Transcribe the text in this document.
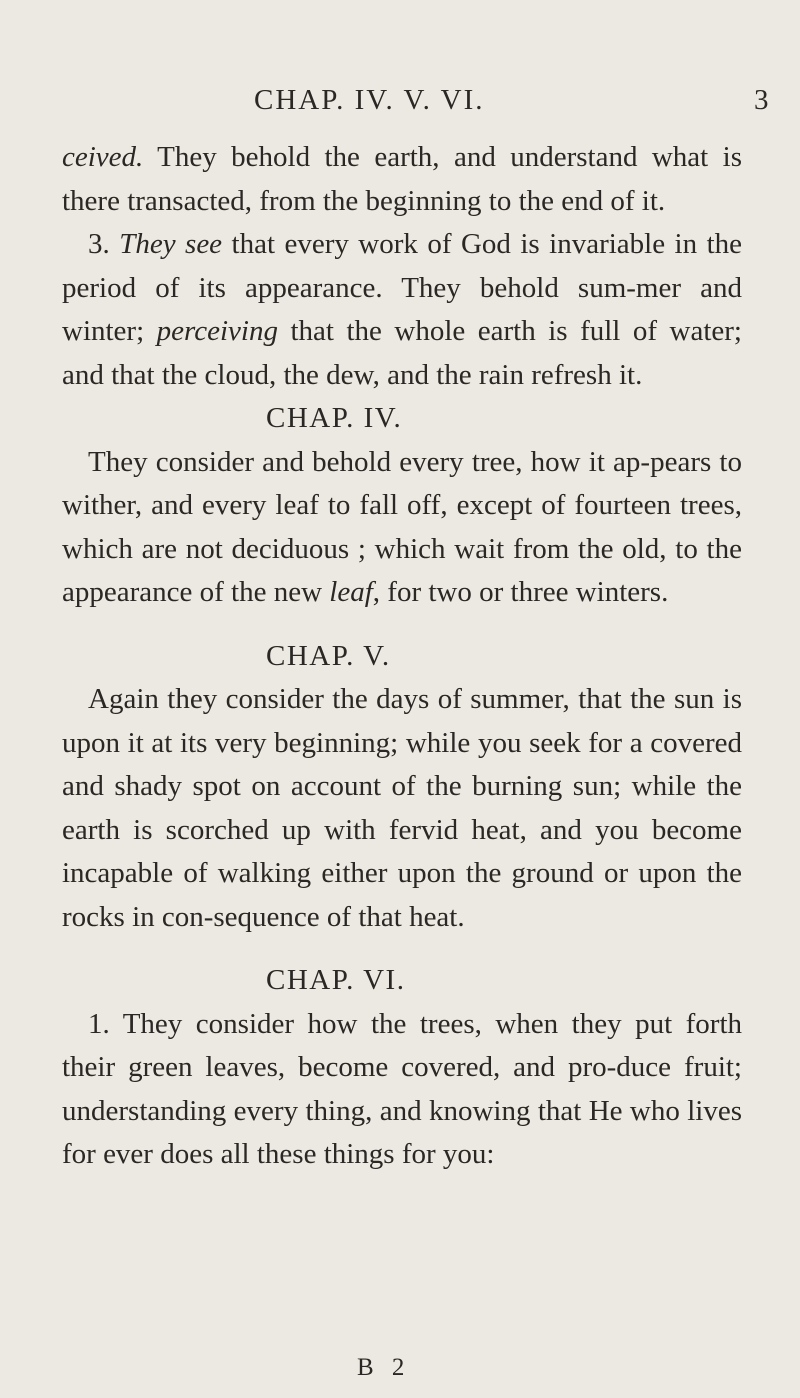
CHAP. IV. V. VI.	3

ceived. They behold the earth, and understand what is there transacted, from the beginning to the end of it.

3. They see that every work of God is invariable in the period of its appearance. They behold sum-mer and winter; perceiving that the whole earth is full of water; and that the cloud, the dew, and the rain refresh it.

CHAP. IV.

They consider and behold every tree, how it ap-pears to wither, and every leaf to fall off, except of fourteen trees, which are not deciduous ; which wait from the old, to the appearance of the new leaf, for two or three winters.

CHAP. V.

Again they consider the days of summer, that the sun is upon it at its very beginning; while you seek for a covered and shady spot on account of the burning sun; while the earth is scorched up with fervid heat, and you become incapable of walking either upon the ground or upon the rocks in con-sequence of that heat.

CHAP. VI.

1. They consider how the trees, when they put forth their green leaves, become covered, and pro-duce fruit; understanding every thing, and knowing that He who lives for ever does all these things for you:

B 2
